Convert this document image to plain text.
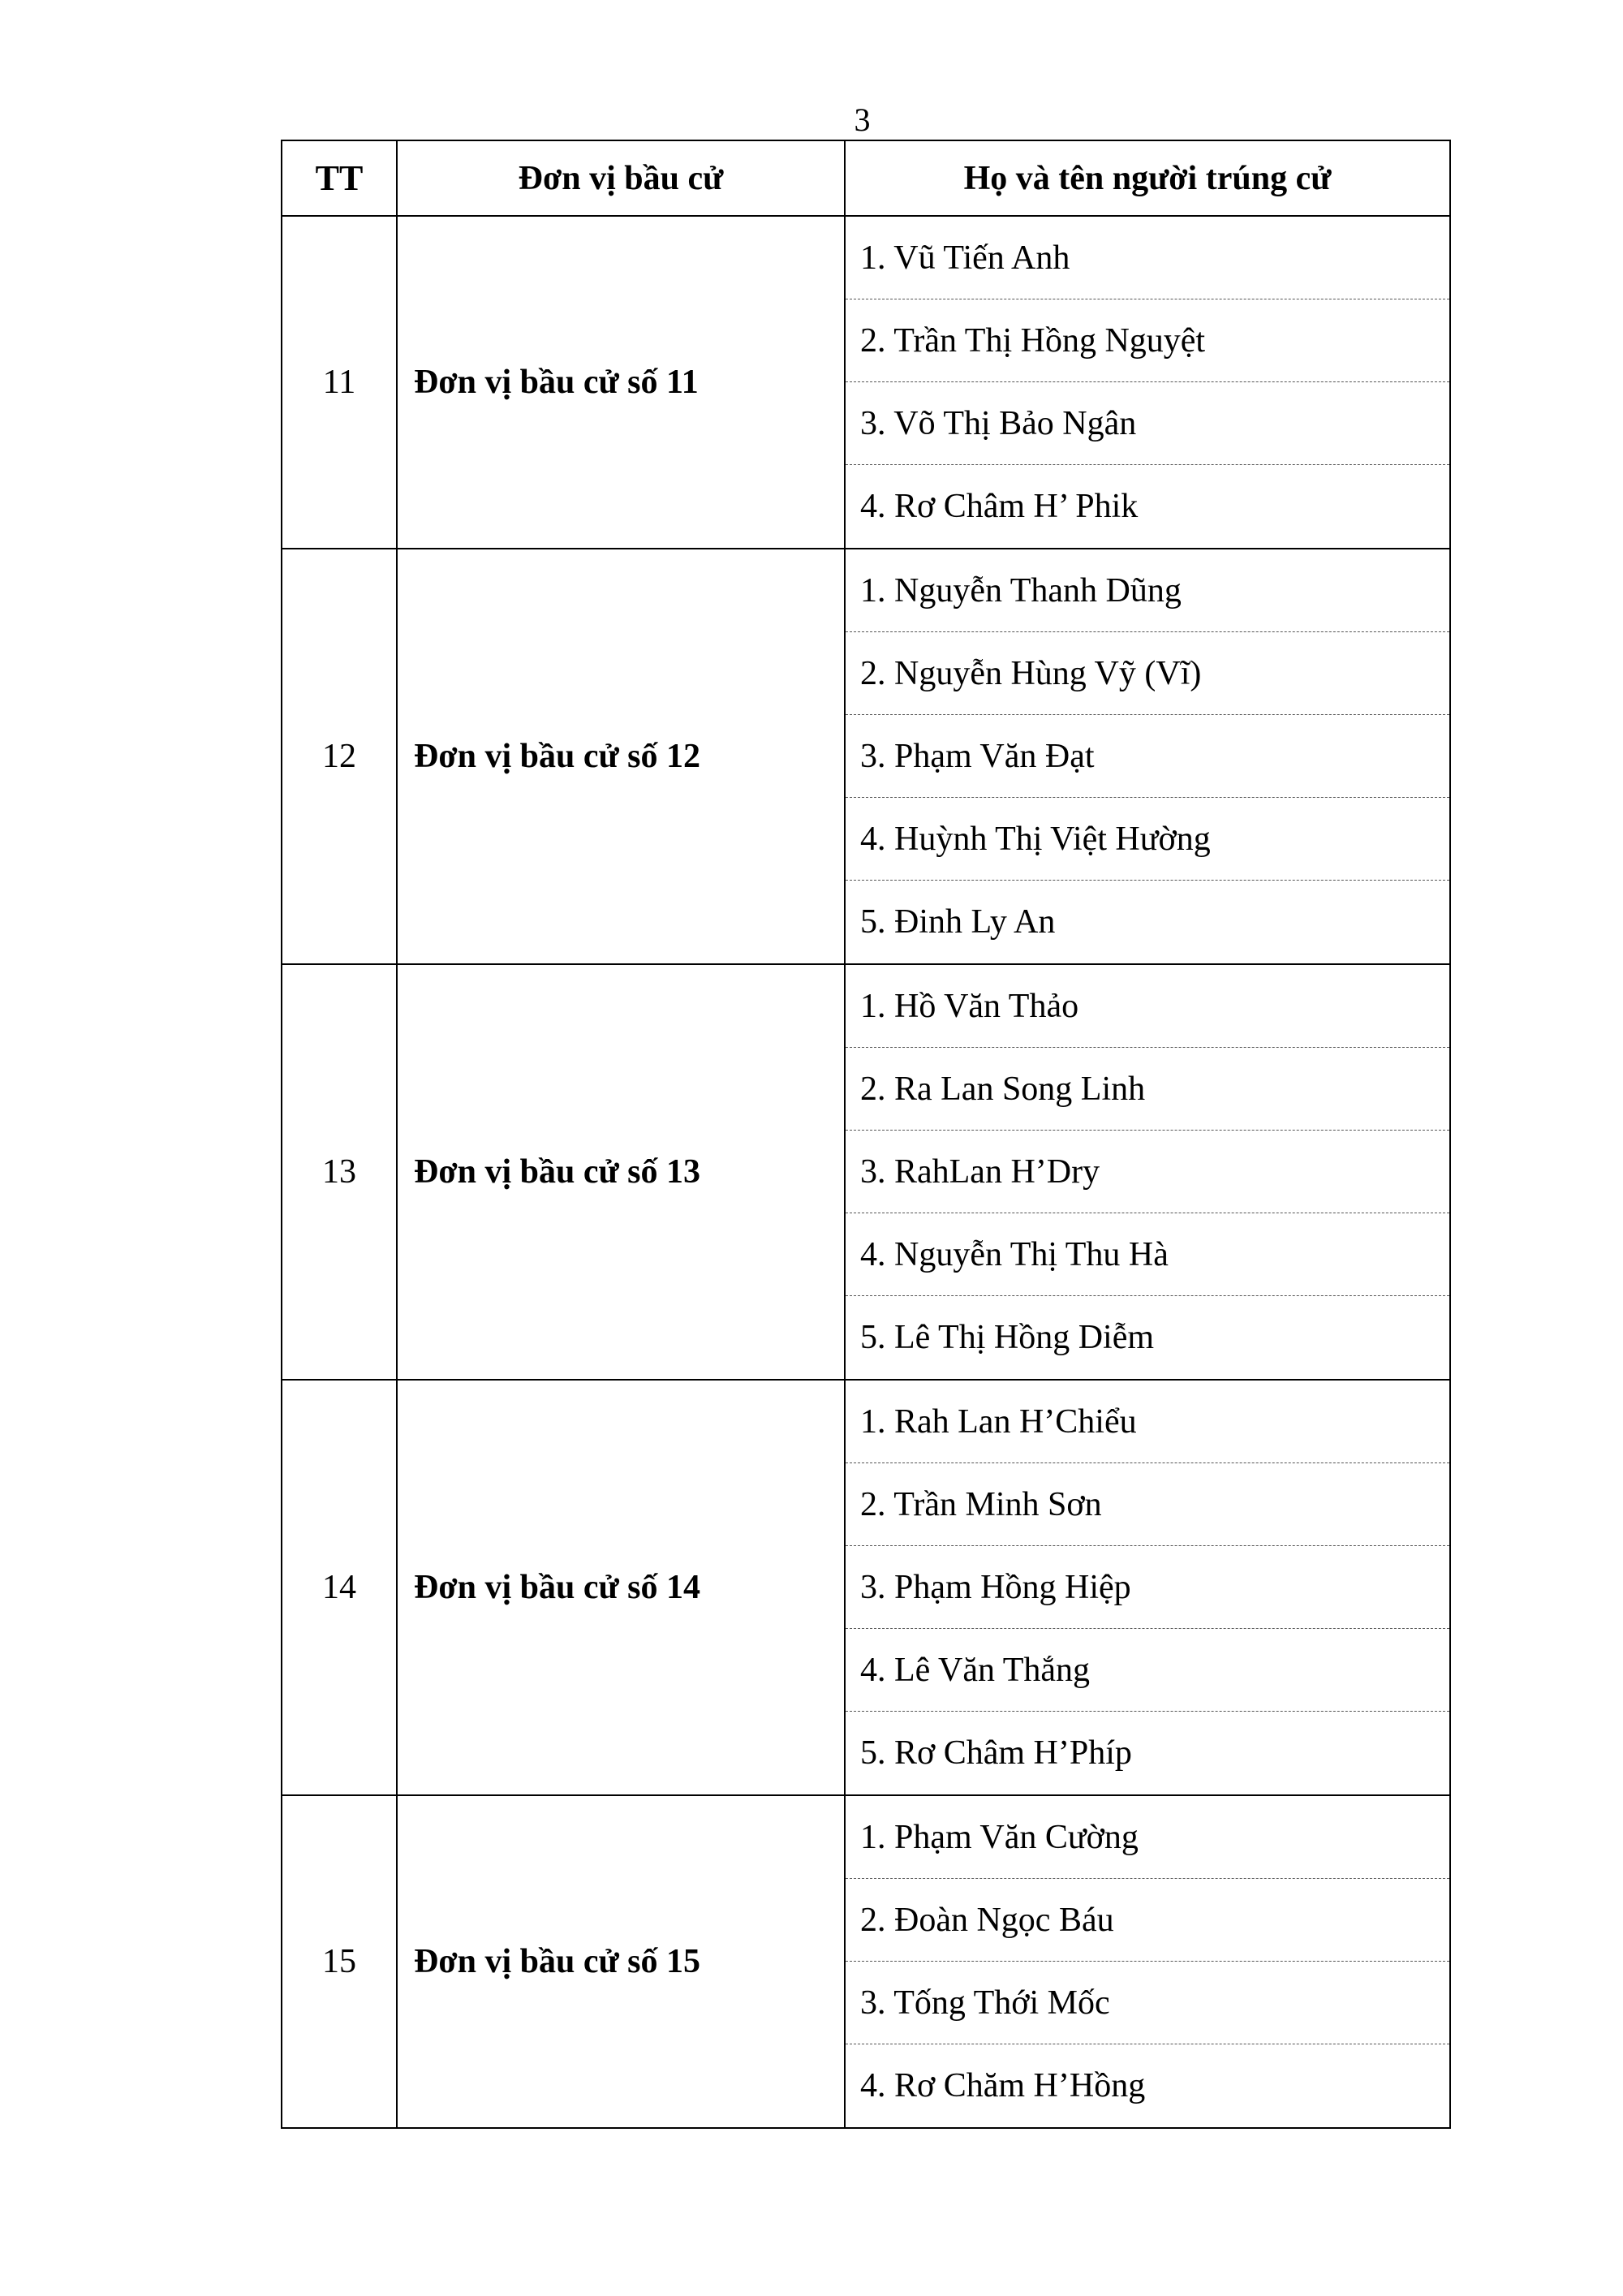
3
TT	Đơn vị bầu cử	Họ và tên người trúng cử
11	Đơn vị bầu cử số 11	1. Vũ Tiến Anh
2. Trần Thị Hồng Nguyệt
3. Võ Thị Bảo Ngân
4. Rơ Châm H’ Phik

12	Đơn vị bầu cử số 12	1. Nguyễn Thanh Dũng
2. Nguyễn Hùng Vỹ (Vĩ)
3. Phạm Văn Đạt
4. Huỳnh Thị Việt Hường
5. Đinh Ly An

13	Đơn vị bầu cử số 13	1. Hồ Văn Thảo
2. Ra Lan Song Linh
3. RahLan H’Dry
4. Nguyễn Thị Thu Hà
5. Lê Thị Hồng Diễm

14	Đơn vị bầu cử số 14	1. Rah Lan H’Chiểu
2. Trần Minh Sơn
3. Phạm Hồng Hiệp
4. Lê Văn Thắng
5. Rơ Châm H’Phíp

15	Đơn vị bầu cử số 15	1. Phạm Văn Cường
2. Đoàn Ngọc Báu
3. Tống Thới Mốc
4. Rơ Chăm H’Hồng
